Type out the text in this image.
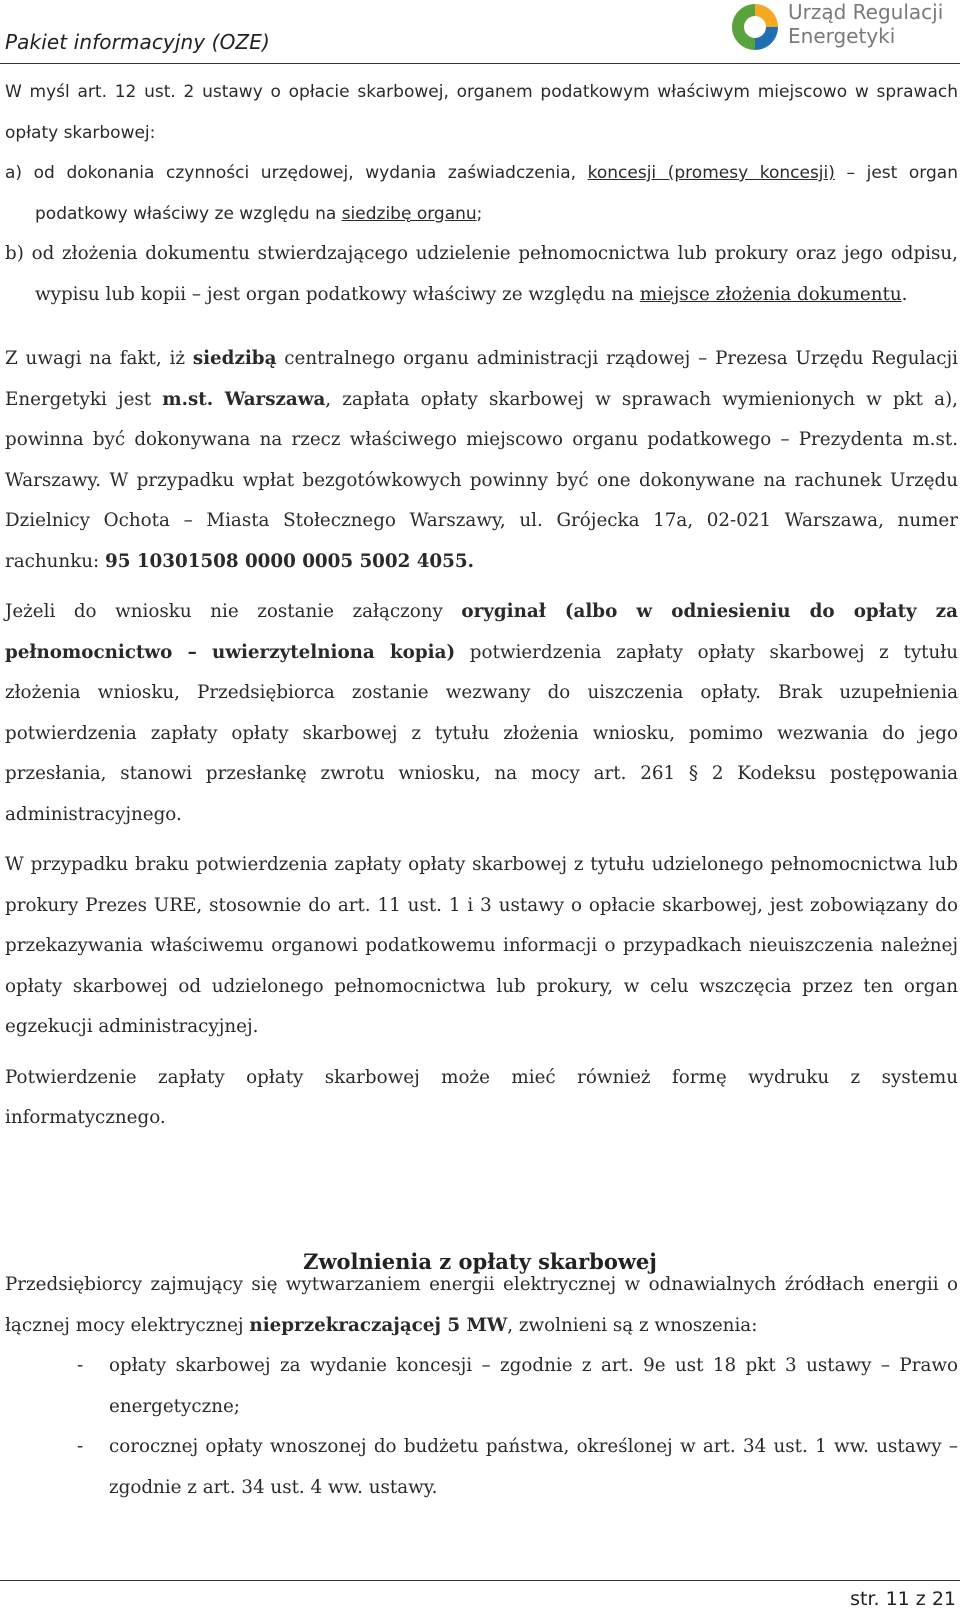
Pakiet informacyjny (OZE)
Urząd Regulacji
Energetyki

W myśl art. 12 ust. 2 ustawy o opłacie skarbowej, organem podatkowym właściwym miejscowo w sprawach opłaty skarbowej:

a) od dokonania czynności urzędowej, wydania zaświadczenia, koncesji (promesy koncesji) – jest organ podatkowy właściwy ze względu na siedzibę organu;

b) od złożenia dokumentu stwierdzającego udzielenie pełnomocnictwa lub prokury oraz jego odpisu, wypisu lub kopii – jest organ podatkowy właściwy ze względu na miejsce złożenia dokumentu.

Z uwagi na fakt, iż siedzibą centralnego organu administracji rządowej – Prezesa Urzędu Regulacji Energetyki jest m.st. Warszawa, zapłata opłaty skarbowej w sprawach wymienionych w pkt a), powinna być dokonywana na rzecz właściwego miejscowo organu podatkowego – Prezydenta m.st. Warszawy. W przypadku wpłat bezgotówkowych powinny być one dokonywane na rachunek Urzędu Dzielnicy Ochota – Miasta Stołecznego Warszawy, ul. Grójecka 17a, 02-021 Warszawa, numer rachunku: 95 10301508 0000 0005 5002 4055.

Jeżeli do wniosku nie zostanie załączony oryginał (albo w odniesieniu do opłaty za pełnomocnictwo – uwierzytelniona kopia) potwierdzenia zapłaty opłaty skarbowej z tytułu złożenia wniosku, Przedsiębiorca zostanie wezwany do uiszczenia opłaty. Brak uzupełnienia potwierdzenia zapłaty opłaty skarbowej z tytułu złożenia wniosku, pomimo wezwania do jego przesłania, stanowi przesłankę zwrotu wniosku, na mocy art. 261 § 2 Kodeksu postępowania administracyjnego.

W przypadku braku potwierdzenia zapłaty opłaty skarbowej z tytułu udzielonego pełnomocnictwa lub prokury Prezes URE, stosownie do art. 11 ust. 1 i 3 ustawy o opłacie skarbowej, jest zobowiązany do przekazywania właściwemu organowi podatkowemu informacji o przypadkach nieuiszczenia należnej opłaty skarbowej od udzielonego pełnomocnictwa lub prokury, w celu wszczęcia przez ten organ egzekucji administracyjnej.

Potwierdzenie zapłaty opłaty skarbowej może mieć również formę wydruku z systemu informatycznego.

Zwolnienia z opłaty skarbowej

Przedsiębiorcy zajmujący się wytwarzaniem energii elektrycznej w odnawialnych źródłach energii o łącznej mocy elektrycznej nieprzekraczającej 5 MW, zwolnieni są z wnoszenia:

- opłaty skarbowej za wydanie koncesji – zgodnie z art. 9e ust 18 pkt 3 ustawy – Prawo energetyczne;

- corocznej opłaty wnoszonej do budżetu państwa, określonej w art. 34 ust. 1 ww. ustawy – zgodnie z art. 34 ust. 4 ww. ustawy.

str. 11 z 21
